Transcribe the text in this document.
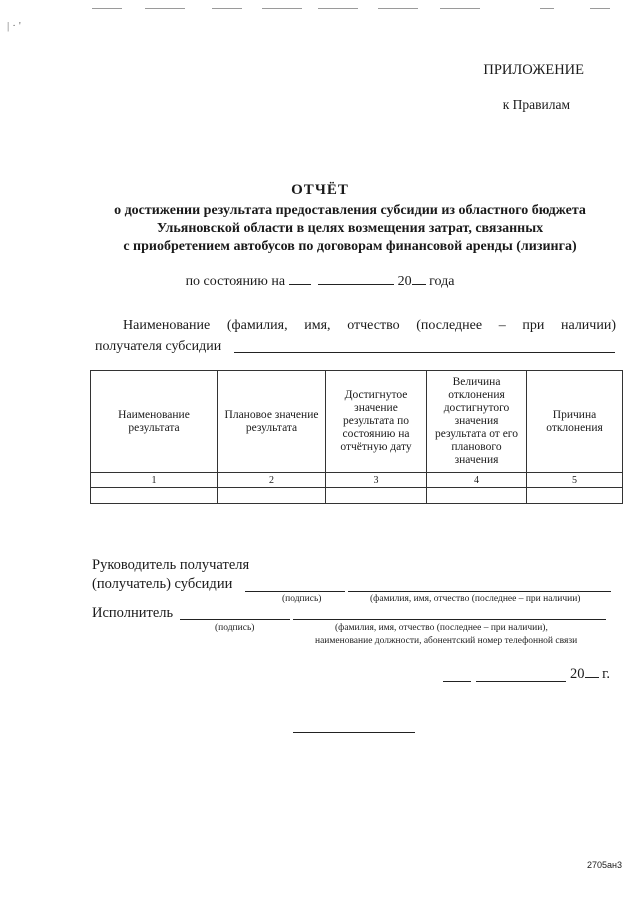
|·'
ПРИЛОЖЕНИЕ
к Правилам
ОТЧЁТ
о достижении результата предоставления субсидии из областного бюджета
Ульяновской области в целях возмещения затрат, связанных
с приобретением автобусов по договорам финансовой аренды (лизинга)
по состоянию на	20 года
Наименование (фамилия, имя, отчество (последнее – при наличии)
получателя субсидии
Наименование результата	Плановое значение результата	Достигнутое значение результата по состоянию на отчётную дату	Величина отклонения достигнутого значения результата от его планового значения	Причина отклонения
1	2	3	4	5

Руководитель получателя
(получатель) субсидии
(подпись)	(фамилия, имя, отчество (последнее – при наличии)
Исполнитель
(подпись)	(фамилия, имя, отчество (последнее – при наличии),
наименование должности, абонентский номер телефонной связи
20 г.
2705ан3
